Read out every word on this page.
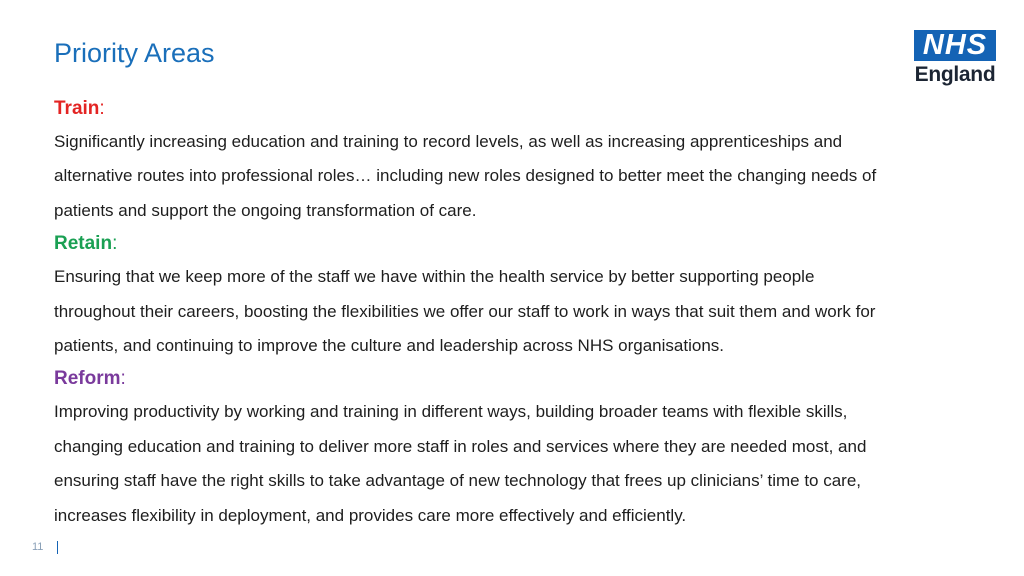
Priority Areas	NHS
England

Train:

Significantly increasing education and training to record levels, as well as increasing apprenticeships and
alternative routes into professional roles… including new roles designed to better meet the changing needs of
patients and support the ongoing transformation of care.

Retain:

Ensuring that we keep more of the staff we have within the health service by better supporting people
throughout their careers, boosting the flexibilities we offer our staff to work in ways that suit them and work for
patients, and continuing to improve the culture and leadership across NHS organisations.

Reform:

Improving productivity by working and training in different ways, building broader teams with flexible skills,
changing education and training to deliver more staff in roles and services where they are needed most, and
ensuring staff have the right skills to take advantage of new technology that frees up clinicians’ time to care,
increases flexibility in deployment, and provides care more effectively and efficiently.
11
